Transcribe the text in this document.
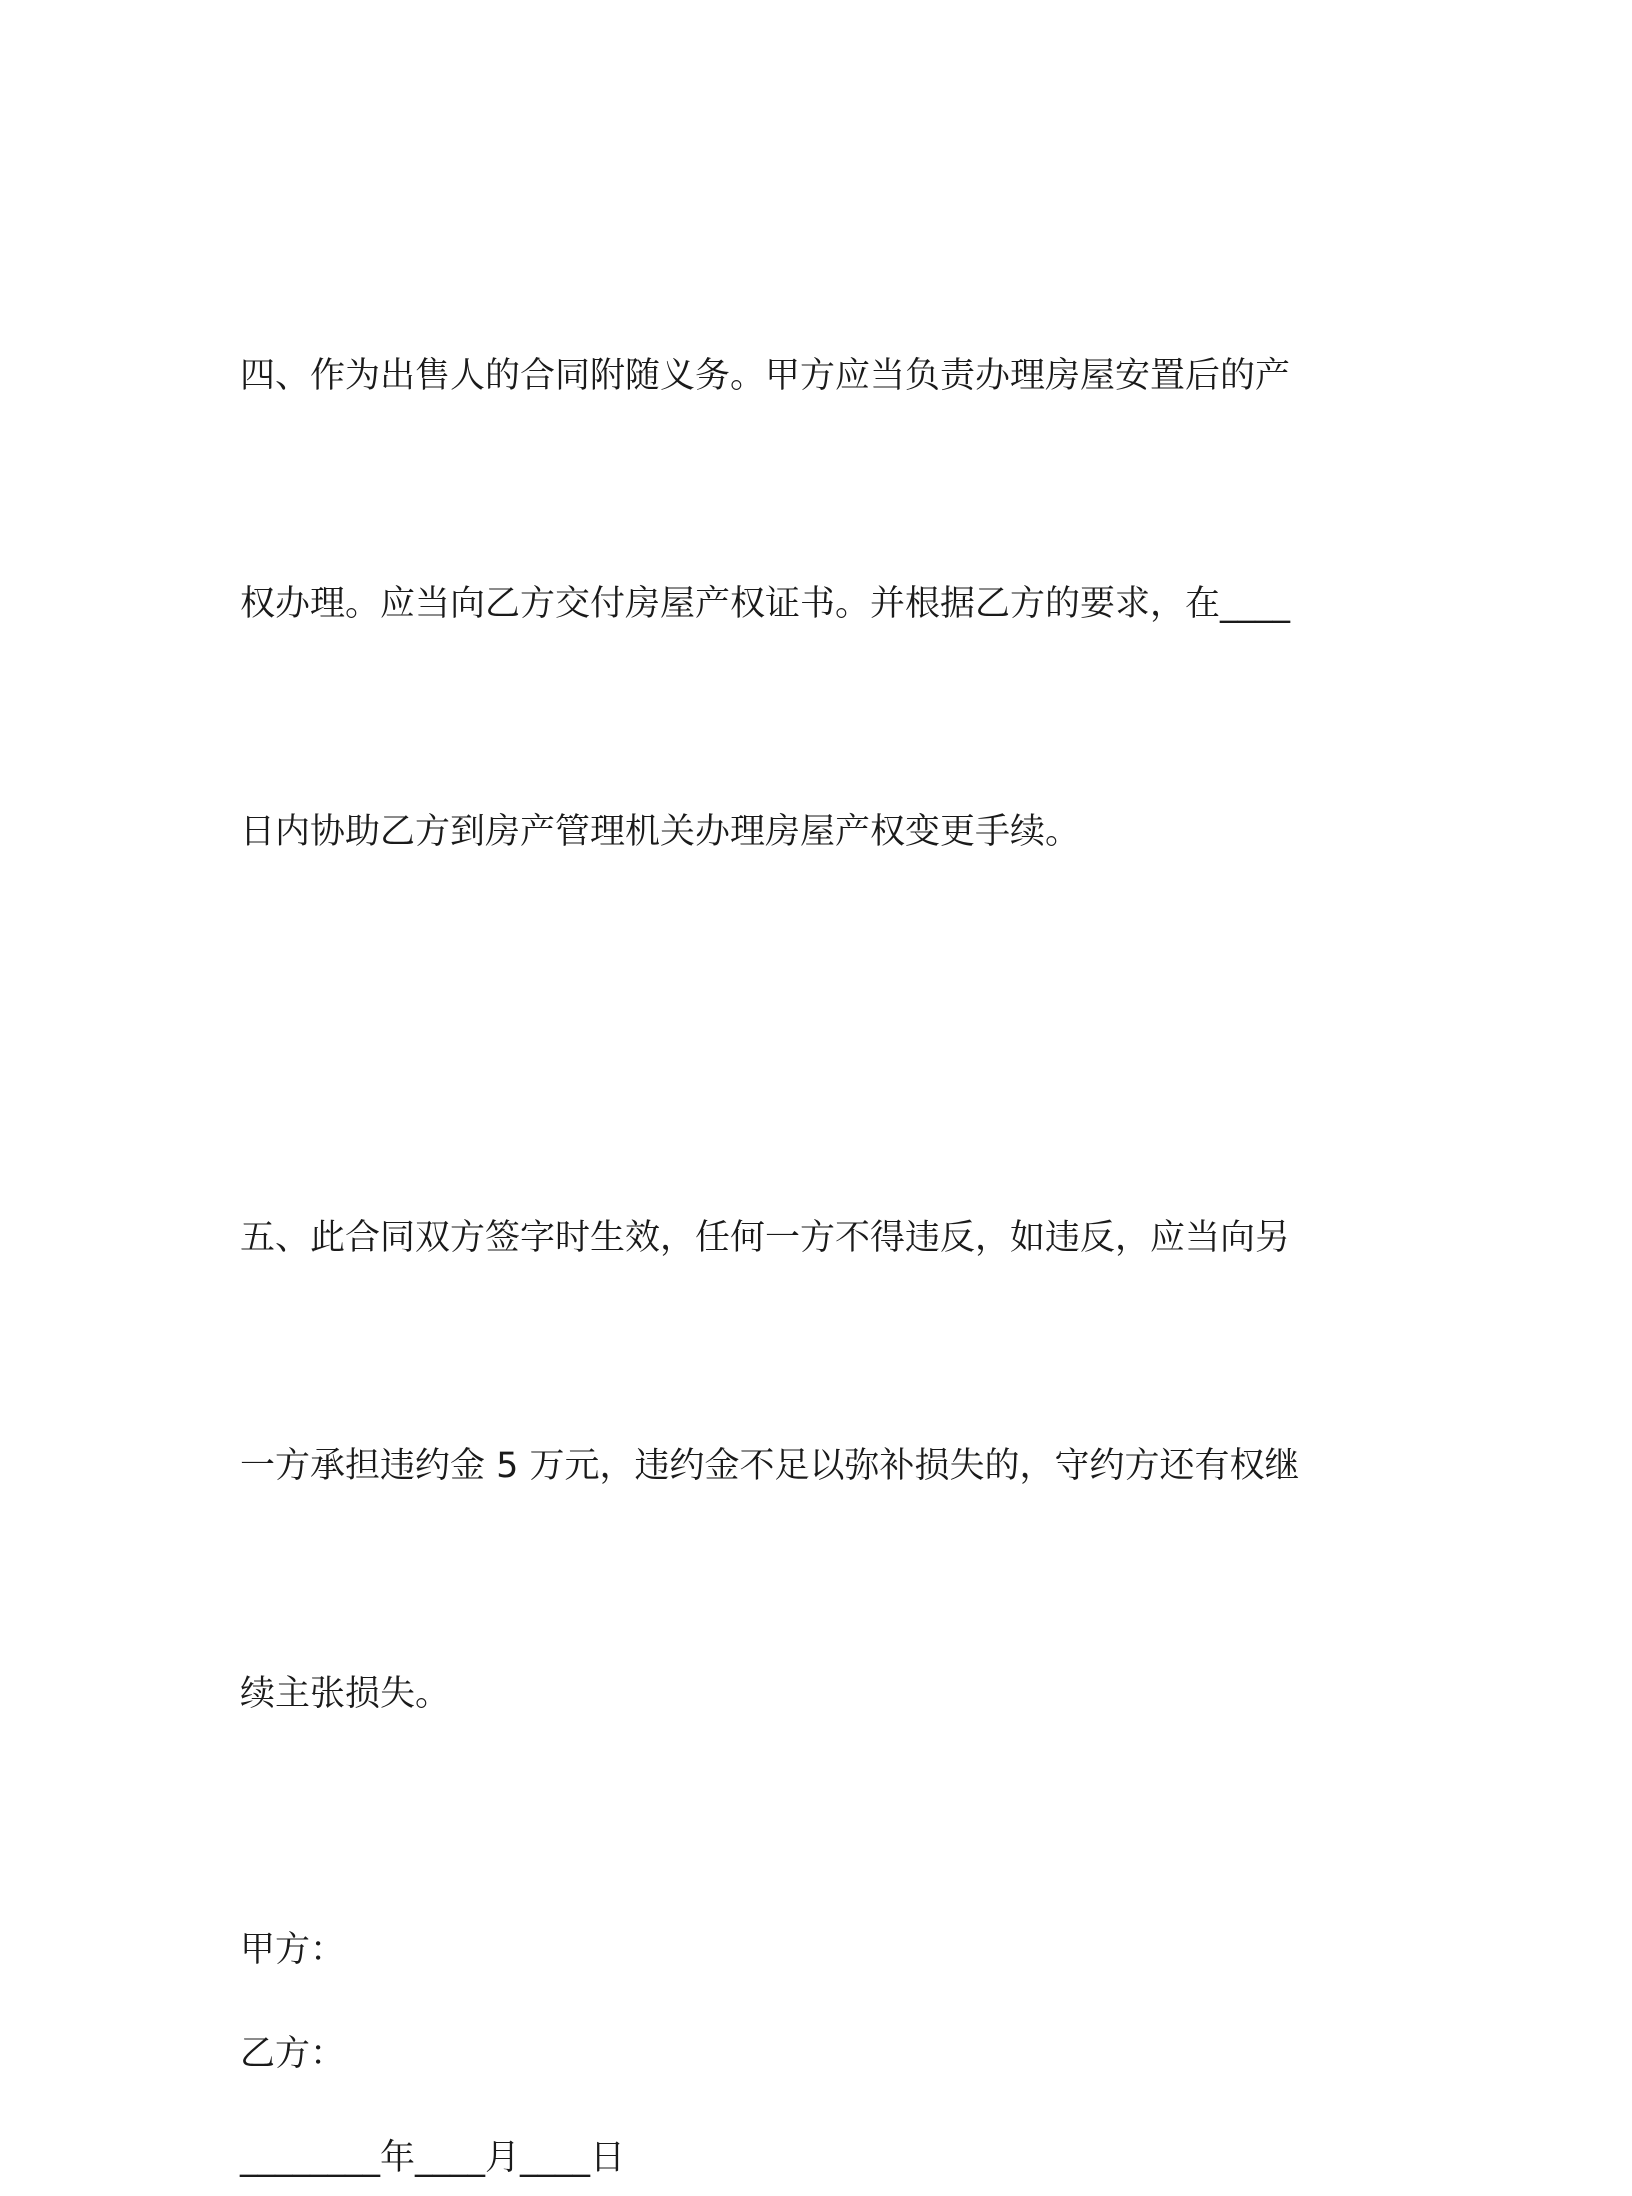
四、作为出售人的合同附随义务。甲方应当负责办理房屋安置后的产

权办理。应当向乙方交付房屋产权证书。并根据乙方的要求，在____

日内协助乙方到房产管理机关办理房屋产权变更手续。

五、此合同双方签字时生效，任何一方不得违反，如违反，应当向另

一方承担违约金 5 万元，违约金不足以弥补损失的，守约方还有权继

续主张损失。

甲方：

乙方：

________年____月____日
